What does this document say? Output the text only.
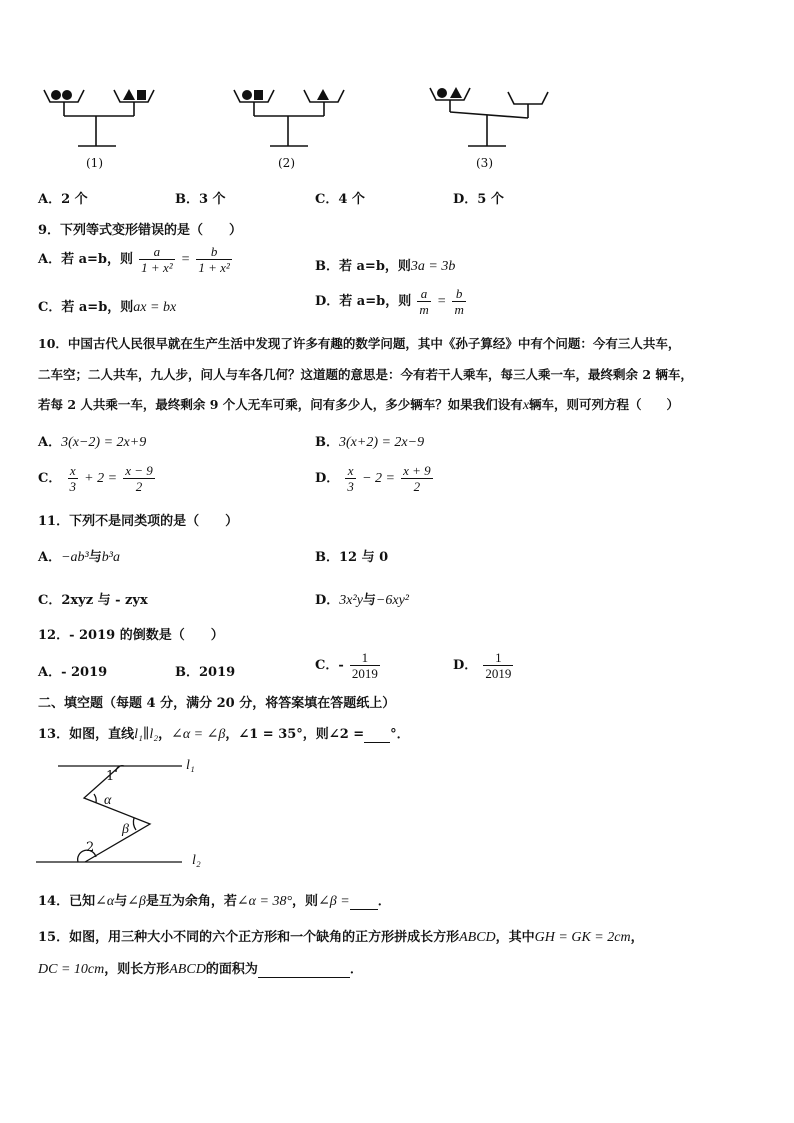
(1)	(2)	(3)
A．2 个	B．3 个	C．4 个	D．5 个
9．下列等式变形错误的是（　　）
A．若 a=b，则 $\frac{a}{\text{1 + x²}} = \frac{b}{\text{1 + x²}}$	B．若 a=b，则3a = 3b
C．若 a=b，则ax = bx	D．若 a=b，则 $\frac{a}{m} = \frac{b}{m}$
10．中国古代人民很早就在生产生活中发现了许多有趣的数学问题，其中《孙子算经》中有个问题：今有三人共车，
二车空；二人共车，九人步，问人与车各几何？这道题的意思是：今有若干人乘车，每三人乘一车，最终剩余 2 辆车，
若每 2 人共乘一车，最终剩余 9 个人无车可乘，问有多少人，多少辆车？如果我们设有x辆车，则可列方程（　　）
A．3(x−2) = 2x+9	B．3(x+2) = 2x−9
C． $\frac{x}{3} + 2 = \frac{x - 9}{2}$	D． $\frac{x}{3} - 2 = \frac{x + 9}{2}$
11．下列不是同类项的是（　　）
A．−ab³与b³a	B．12 与 0
C．2xyz 与 - zyx	D．3x²y与−6xy²
12．- 2019 的倒数是（　　）
A．- 2019	B．2019	C．- $\frac{1}{2019}$	D． $\frac{1}{2019}$
二、填空题（每题 4 分，满分 20 分，将答案填在答题纸上）
13．如图，直线l₁∥l₂，∠α = ∠β，∠1 = 35°，则∠2 = °．
l₁
l₂
1
2
α
β
14．已知∠α与∠β是互为余角，若∠α = 38°，则∠β = ．
15．如图，用三种大小不同的六个正方形和一个缺角的正方形拼成长方形ABCD，其中GH = GK = 2cm，
DC = 10cm，则长方形ABCD的面积为	．
